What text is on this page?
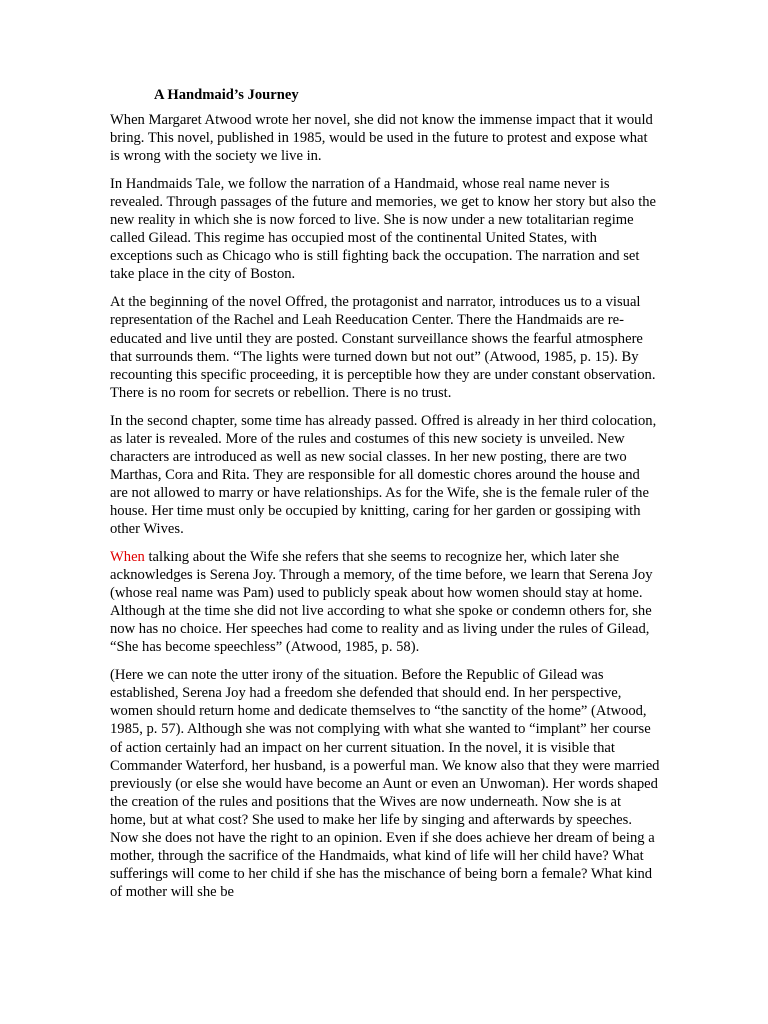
A Handmaid’s Journey

When Margaret Atwood wrote her novel, she did not know the immense impact that it would bring. This novel, published in 1985, would be used in the future to protest and expose what is wrong with the society we live in.

In Handmaids Tale, we follow the narration of a Handmaid, whose real name never is revealed. Through passages of the future and memories, we get to know her story but also the new reality in which she is now forced to live. She is now under a new totalitarian regime called Gilead. This regime has occupied most of the continental United States, with exceptions such as Chicago who is still fighting back the occupation. The narration and set take place in the city of Boston.

At the beginning of the novel Offred, the protagonist and narrator, introduces us to a visual representation of the Rachel and Leah Reeducation Center. There the Handmaids are re-educated and live until they are posted. Constant surveillance shows the fearful atmosphere that surrounds them. “The lights were turned down but not out” (Atwood, 1985, p. 15). By recounting this specific proceeding, it is perceptible how they are under constant observation. There is no room for secrets or rebellion. There is no trust.

In the second chapter, some time has already passed. Offred is already in her third colocation, as later is revealed. More of the rules and costumes of this new society is unveiled. New characters are introduced as well as new social classes. In her new posting, there are two Marthas, Cora and Rita. They are responsible for all domestic chores around the house and are not allowed to marry or have relationships. As for the Wife, she is the female ruler of the house. Her time must only be occupied by knitting, caring for her garden or gossiping with other Wives.

When talking about the Wife she refers that she seems to recognize her, which later she acknowledges is Serena Joy. Through a memory, of the time before, we learn that Serena Joy (whose real name was Pam) used to publicly speak about how women should stay at home. Although at the time she did not live according to what she spoke or condemn others for, she now has no choice. Her speeches had come to reality and as living under the rules of Gilead, “She has become speechless” (Atwood, 1985, p. 58).

(Here we can note the utter irony of the situation. Before the Republic of Gilead was established, Serena Joy had a freedom she defended that should end. In her perspective, women should return home and dedicate themselves to “the sanctity of the home” (Atwood, 1985, p. 57). Although she was not complying with what she wanted to “implant” her course of action certainly had an impact on her current situation. In the novel, it is visible that Commander Waterford, her husband, is a powerful man. We know also that they were married previously (or else she would have become an Aunt or even an Unwoman). Her words shaped the creation of the rules and positions that the Wives are now underneath. Now she is at home, but at what cost? She used to make her life by singing and afterwards by speeches. Now she does not have the right to an opinion. Even if she does achieve her dream of being a mother, through the sacrifice of the Handmaids, what kind of life will her child have? What sufferings will come to her child if she has the mischance of being born a female? What kind of mother will she be
